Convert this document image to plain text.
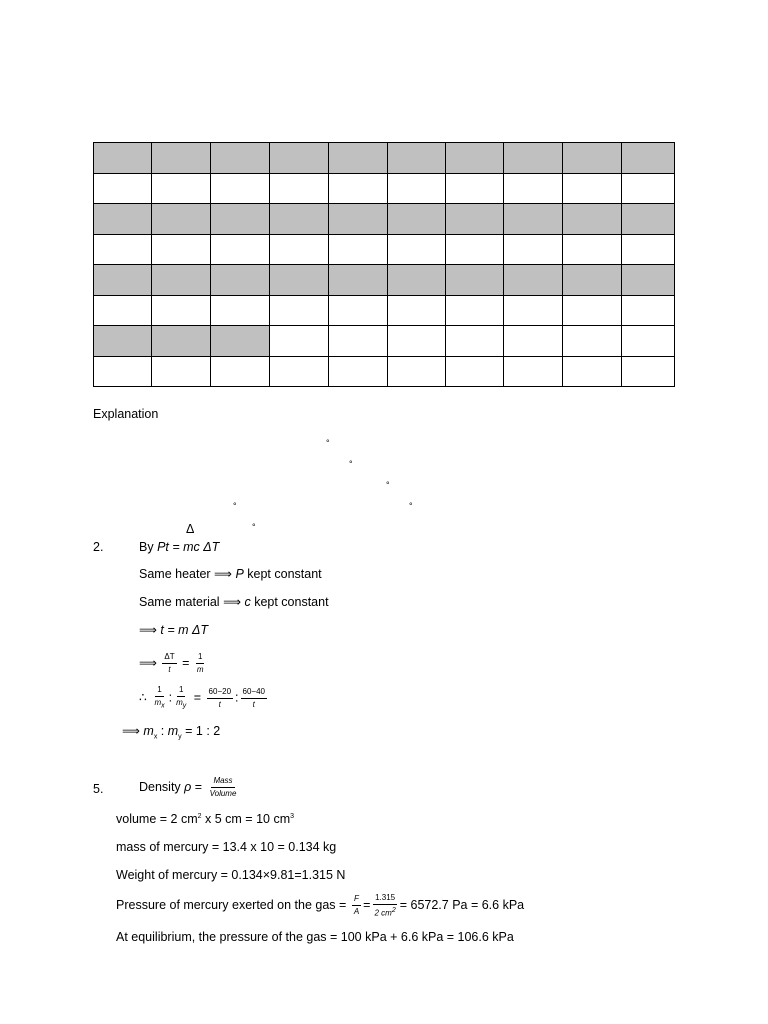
Explanation
°
°
°
°
°
°
Δ
2.	By Pt = mc ΔT
Same heater ⟹ P kept constant
Same material ⟹ c kept constant
⟹ t = m ΔT
⟹ $\frac{\Delta T}{t} = \frac{1}{m}$
∴ $\frac{1}{m_x}$ : $\frac{1}{m_y} = \frac{60-20}{t}$ : $\frac{60-40}{t}$
⟹ $m_x$ : $m_y = 1$ : 2
5.	Density $\rho = \frac{\text{Mass}}{\text{Volume}}$
volume = 2 $cm^2$ x 5 cm = 10 $cm^3$
mass of mercury = 13.4 x 10 = 0.134 kg
Weight of mercury = 0.134×9.81=1.315 N
Pressure of mercury exerted on the gas = $\frac{F}{A} = \frac{1.315}{2 cm^2} = 6572.7$ Pa = 6.6 kPa
At equilibrium, the pressure of the gas = 100 kPa + 6.6 kPa = 106.6 kPa
